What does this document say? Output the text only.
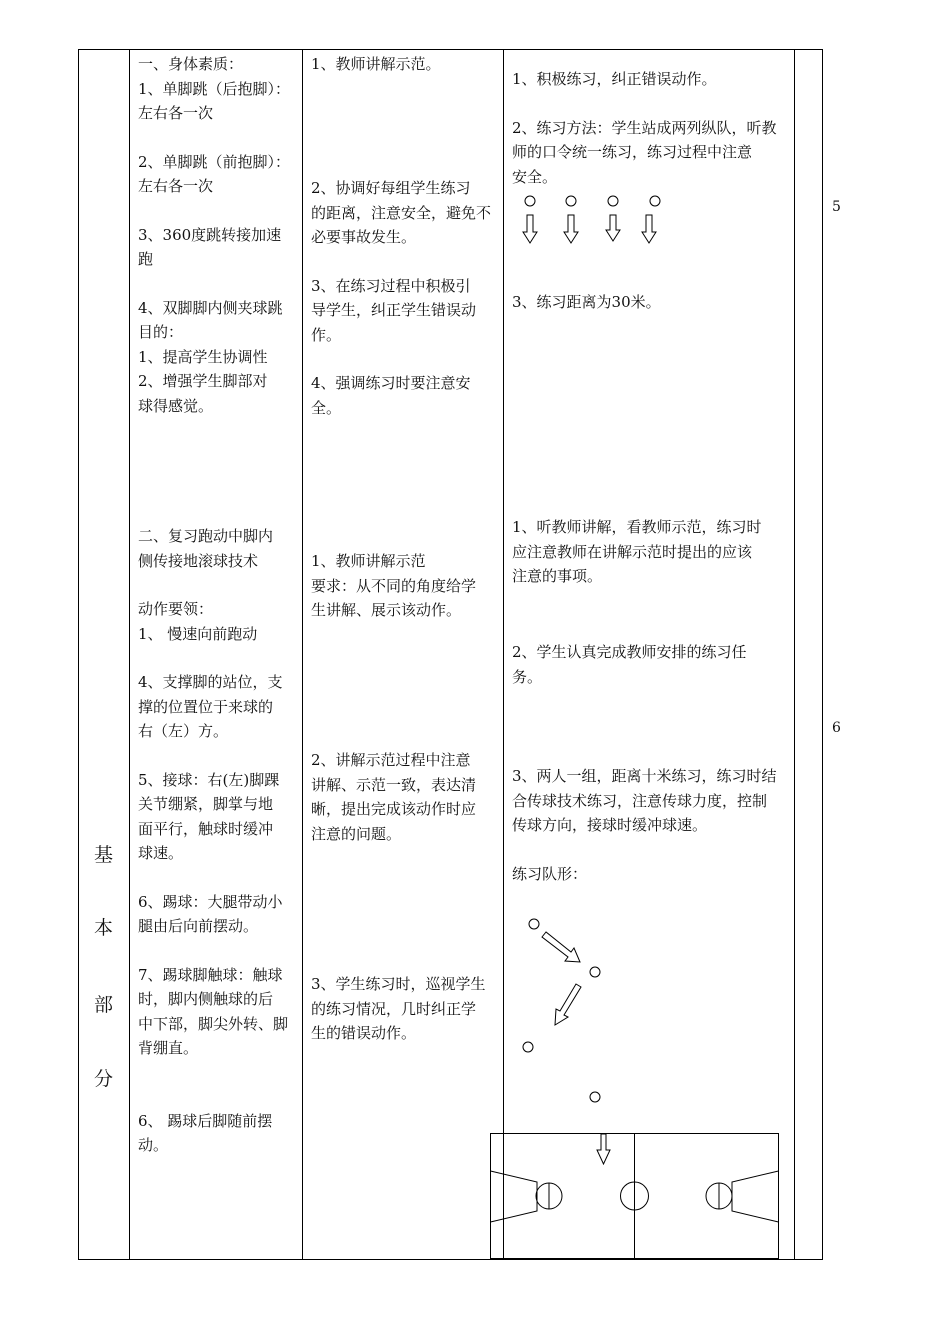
基
本
部
分
一、身体素质：
1、单脚跳（后抱脚）：
左右各一次
2、单脚跳（前抱脚）：
左右各一次
3、360度跳转接加速
跑
4、双脚脚内侧夹球跳
目的：
1、提高学生协调性
2、增强学生脚部对
球得感觉。
二、复习跑动中脚内
侧传接地滚球技术
动作要领：
1、 慢速向前跑动
4、支撑脚的站位，支
撑的位置位于来球的
右（左）方。
5、接球：右(左)脚踝
关节绷紧，脚掌与地
面平行，触球时缓冲
球速。
6、踢球：大腿带动小
腿由后向前摆动。
7、踢球脚触球：触球
时，脚内侧触球的后
中下部，脚尖外转、脚
背绷直。
6、 踢球后脚随前摆
动。
1、教师讲解示范。
2、协调好每组学生练习
的距离，注意安全，避免不
必要事故发生。
3、在练习过程中积极引
导学生，纠正学生错误动
作。
4、强调练习时要注意安
全。
1、教师讲解示范
要求：从不同的角度给学
生讲解、展示该动作。
2、讲解示范过程中注意
讲解、示范一致，表达清
晰，提出完成该动作时应
注意的问题。
3、学生练习时，巡视学生
的练习情况，几时纠正学
生的错误动作。
1、积极练习，纠正错误动作。
2、练习方法：学生站成两列纵队，听教
师的口令统一练习，练习过程中注意
安全。
3、练习距离为30米。
1、听教师讲解，看教师示范，练习时
应注意教师在讲解示范时提出的应该
注意的事项。
2、学生认真完成教师安排的练习任
务。
3、两人一组，距离十米练习，练习时结
合传球技术练习，注意传球力度，控制
传球方向，接球时缓冲球速。
练习队形：
5
6
